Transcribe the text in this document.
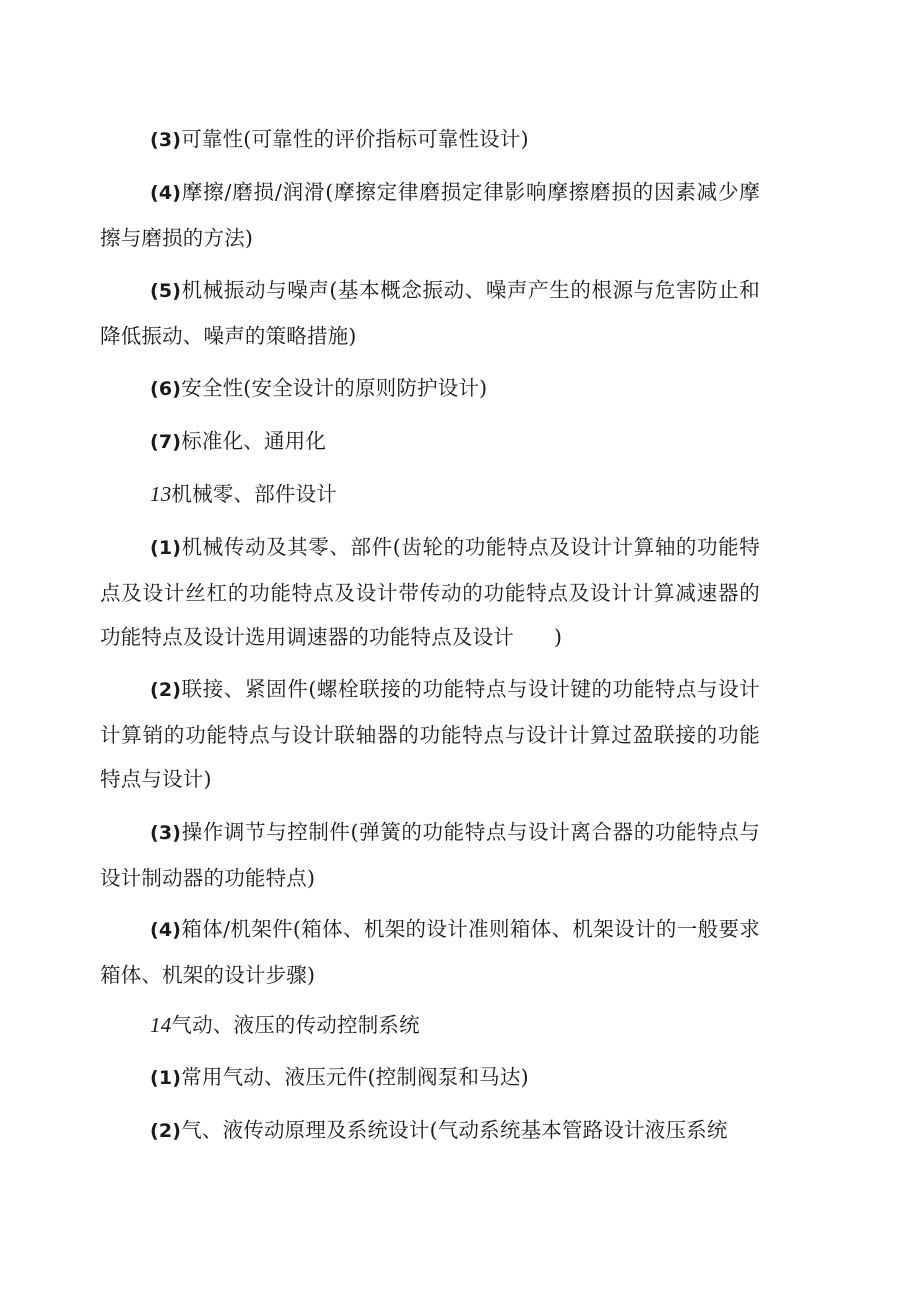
(3)可靠性(可靠性的评价指标可靠性设计)

(4)摩擦/磨损/润滑(摩擦定律磨损定律影响摩擦磨损的因素减少摩擦与磨损的方法)

(5)机械振动与噪声(基本概念振动、噪声产生的根源与危害防止和降低振动、噪声的策略措施)

(6)安全性(安全设计的原则防护设计)

(7)标准化、通用化

13机械零、部件设计

(1)机械传动及其零、部件(齿轮的功能特点及设计计算轴的功能特点及设计丝杠的功能特点及设计带传动的功能特点及设计计算减速器的功能特点及设计选用调速器的功能特点及设计 )

(2)联接、紧固件(螺栓联接的功能特点与设计键的功能特点与设计计算销的功能特点与设计联轴器的功能特点与设计计算过盈联接的功能特点与设计)

(3)操作调节与控制件(弹簧的功能特点与设计离合器的功能特点与设计制动器的功能特点)

(4)箱体/机架件(箱体、机架的设计准则箱体、机架设计的一般要求箱体、机架的设计步骤)

14气动、液压的传动控制系统

(1)常用气动、液压元件(控制阀泵和马达)

(2)气、液传动原理及系统设计(气动系统基本管路设计液压系统
